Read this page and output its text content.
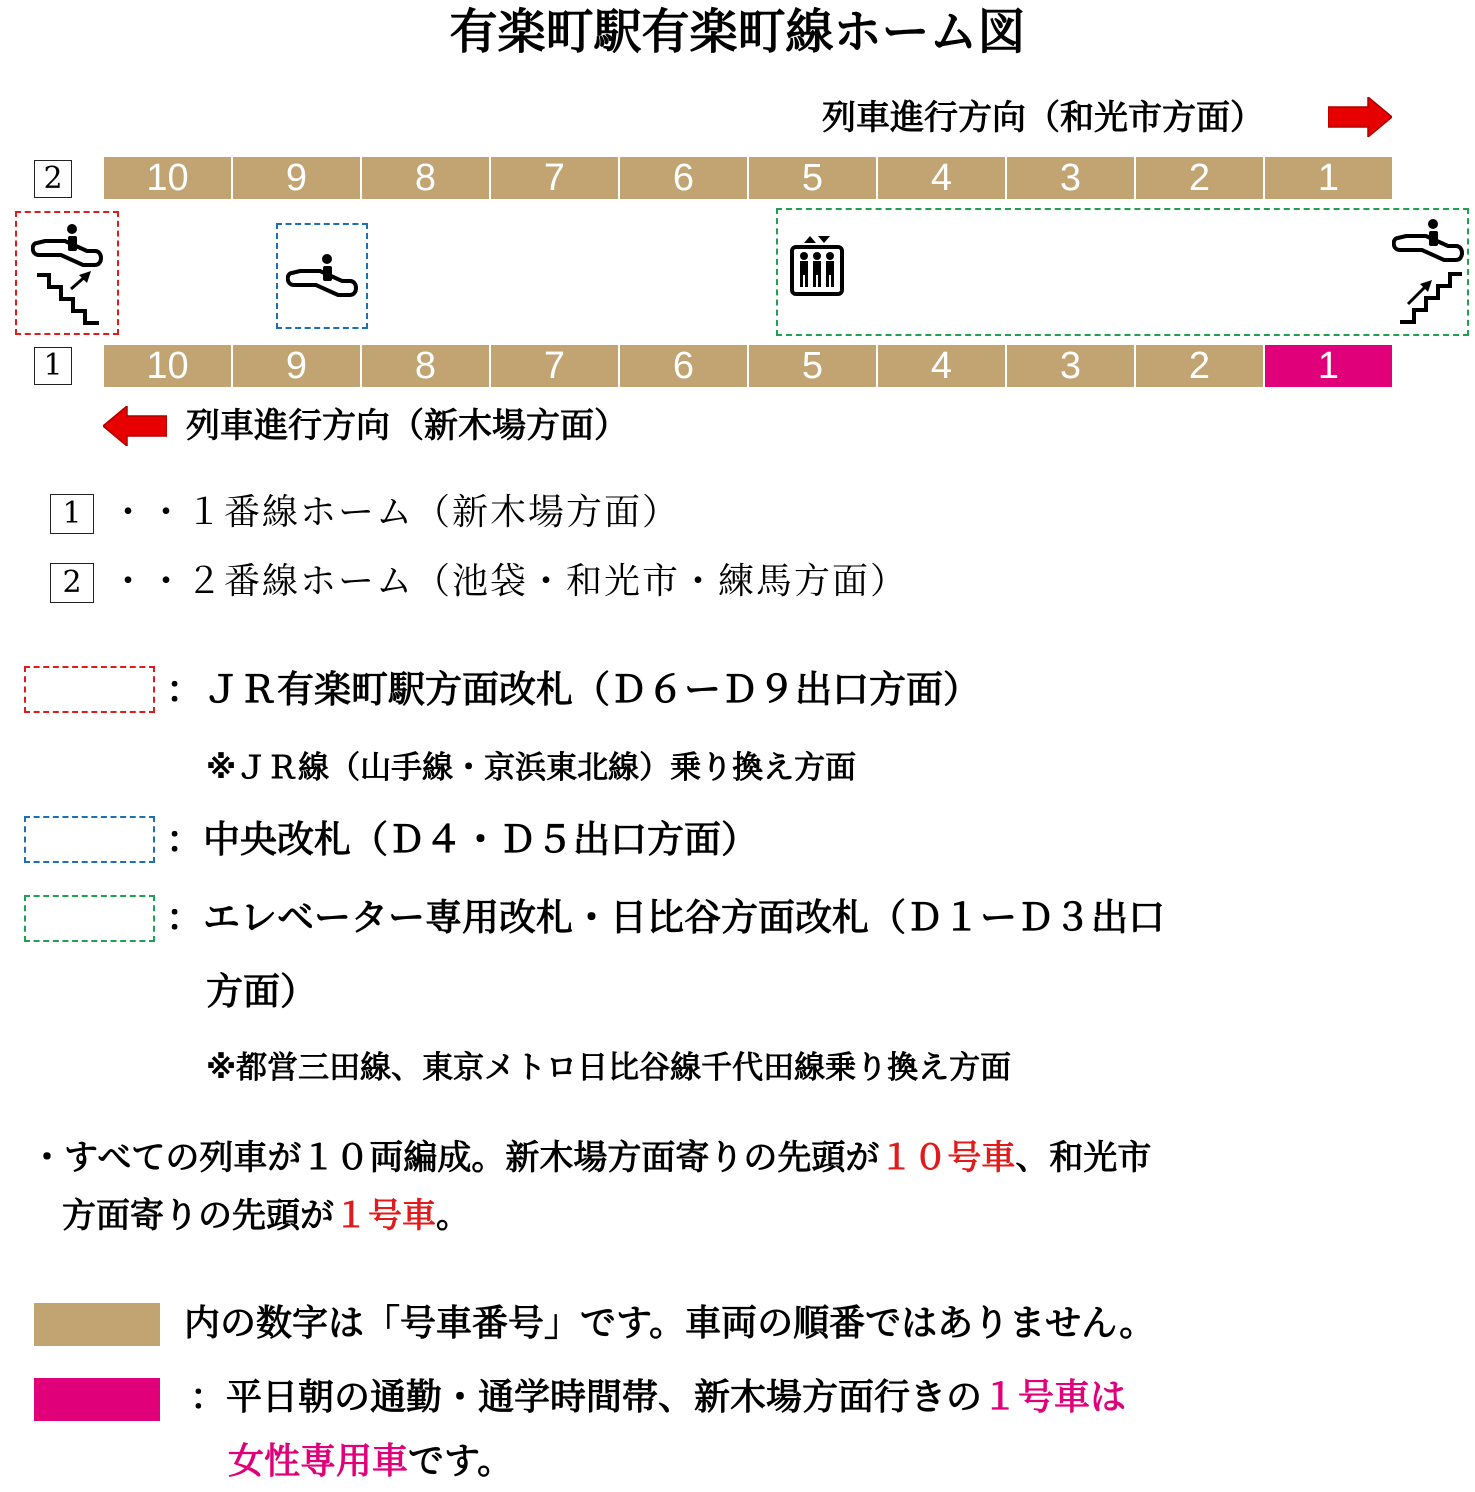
有楽町駅有楽町線ホーム図
列車進行方向（和光市方面）
2	10	9	8	7	6	5	4	3	2	1
1	10	9	8	7	6	5	4	3	2	1
列車進行方向（新木場方面）
1 ・・１番線ホーム（新木場方面）
2 ・・２番線ホーム（池袋・和光市・練馬方面）
：ＪＲ有楽町駅方面改札（Ｄ６ーＤ９出口方面）
※ＪＲ線（山手線・京浜東北線）乗り換え方面
：中央改札（Ｄ４・Ｄ５出口方面）
：エレベーター専用改札・日比谷方面改札（Ｄ１ーＤ３出口
方面）
※都営三田線、東京メトロ日比谷線千代田線乗り換え方面
・すべての列車が１０両編成。新木場方面寄りの先頭が１０号車、和光市
方面寄りの先頭が１号車。
内の数字は「号車番号」です。車両の順番ではありません。
：平日朝の通勤・通学時間帯、新木場方面行きの１号車は
女性専用車です。
